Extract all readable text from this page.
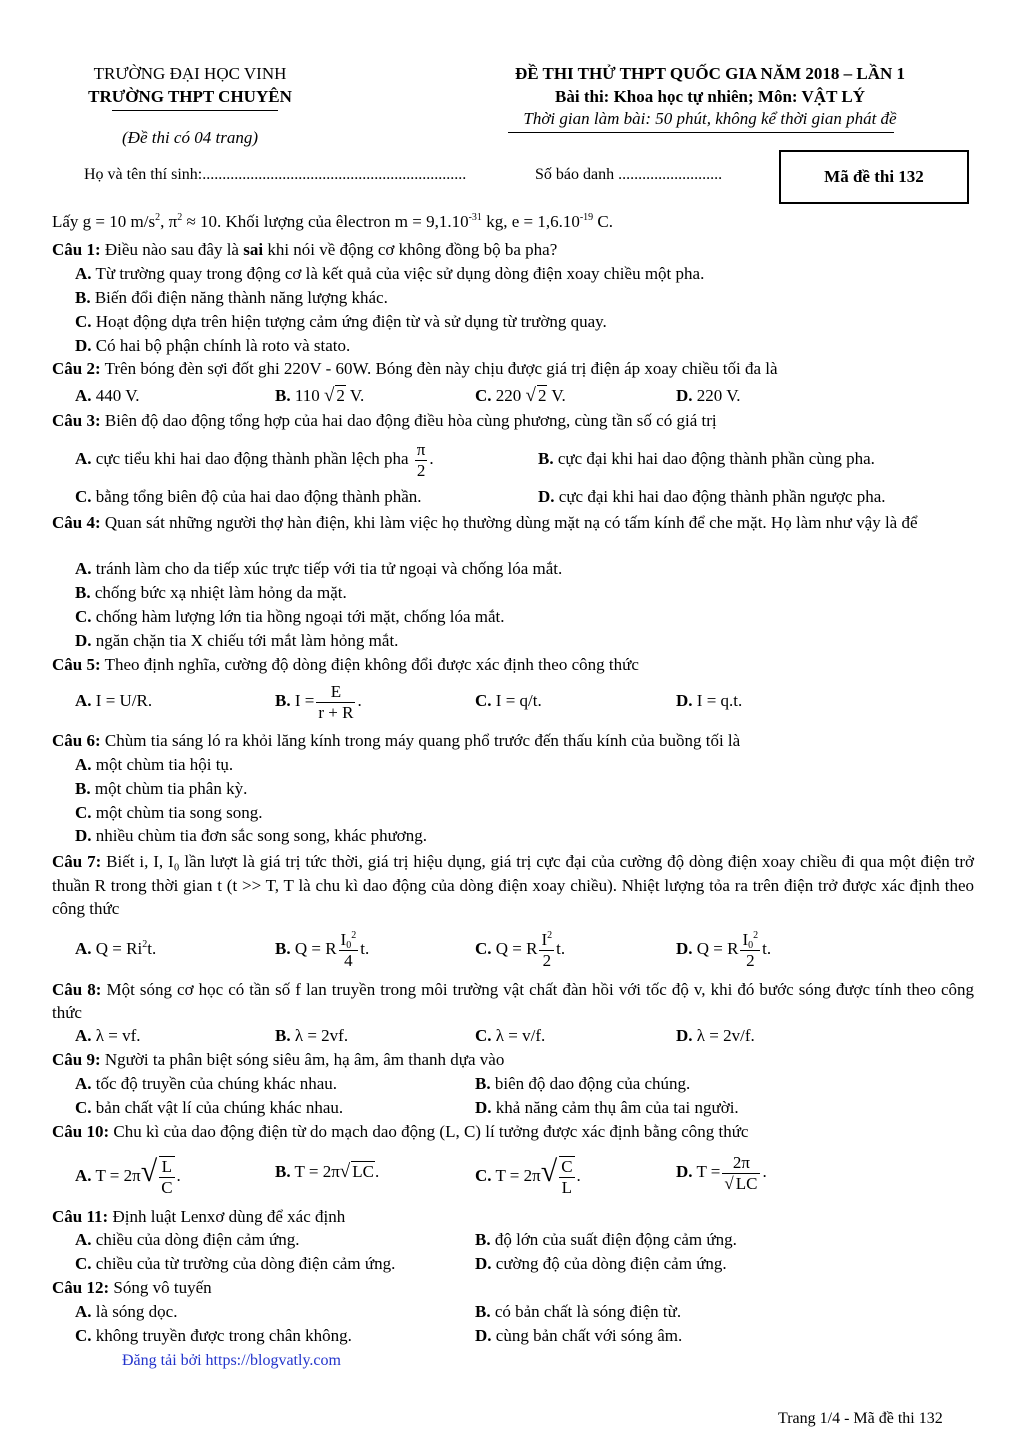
TRƯỜNG ĐẠI HỌC VINH
TRƯỜNG THPT CHUYÊN
(Đề thi có 04 trang)
ĐỀ THI THỬ THPT QUỐC GIA NĂM 2018 – LẦN 1
Bài thi: Khoa học tự nhiên; Môn: VẬT LÝ
Thời gian làm bài: 50 phút, không kể thời gian phát đề
Họ và tên thí sinh:..................................................................	Số báo danh ..........................	Mã đề thi 132
Lấy g = 10 $m/s^2$, $\pi^2 \approx 10$. Khối lượng của êlectron $m = 9,1.10^{-31}$ kg, $e = 1,6.10^{-19}$ C.
Câu 1: Điều nào sau đây là sai khi nói về động cơ không đồng bộ ba pha?
A. Từ trường quay trong động cơ là kết quả của việc sử dụng dòng điện xoay chiều một pha.
B. Biến đổi điện năng thành năng lượng khác.
C. Hoạt động dựa trên hiện tượng cảm ứng điện từ và sử dụng từ trường quay.
D. Có hai bộ phận chính là roto và stato.
Câu 2: Trên bóng đèn sợi đốt ghi 220V - 60W. Bóng đèn này chịu được giá trị điện áp xoay chiều tối đa là
A. 440 V.	B. 110 √ 2 V.	C. 220 √ 2 V.	D. 220 V.
Câu 3: Biên độ dao động tổng hợp của hai dao động điều hòa cùng phương, cùng tần số có giá trị
A. cực tiểu khi hai dao động thành phần lệch pha $\frac{\pi}{2}$ .	B. cực đại khi hai dao động thành phần cùng pha.
C. bằng tổng biên độ của hai dao động thành phần.	D. cực đại khi hai dao động thành phần ngược pha.
Câu 4: Quan sát những người thợ hàn điện, khi làm việc họ thường dùng mặt nạ có tấm kính để che mặt. Họ làm như vậy là để
A. tránh làm cho da tiếp xúc trực tiếp với tia tử ngoại và chống lóa mắt.
B. chống bức xạ nhiệt làm hỏng da mặt.
C. chống hàm lượng lớn tia hồng ngoại tới mặt, chống lóa mắt.
D. ngăn chặn tia X chiếu tới mắt làm hỏng mắt.
Câu 5: Theo định nghĩa, cường độ dòng điện không đổi được xác định theo công thức
A. I = U/R.	B. $I = \frac{E}{r + R}$ .	C. I = q/t.	D. I = q.t.
Câu 6: Chùm tia sáng ló ra khỏi lăng kính trong máy quang phổ trước đến thấu kính của buồng tối là
A. một chùm tia hội tụ.
B. một chùm tia phân kỳ.
C. một chùm tia song song.
D. nhiều chùm tia đơn sắc song song, khác phương.
Câu 7: Biết i, I, I₀ lần lượt là giá trị tức thời, giá trị hiệu dụng, giá trị cực đại của cường độ dòng điện xoay chiều đi qua một điện trở thuần R trong thời gian t (t >> T, T là chu kì dao động của dòng điện xoay chiều). Nhiệt lượng tỏa ra trên điện trở được xác định theo công thức
A. $Q = Ri^2t$.	B. Q = R $\frac{I_0^2}{4} t$.	C. Q = R $\frac{I^2}{2} t$.	D. Q = R $\frac{I_0^2}{2} t$.
Câu 8: Một sóng cơ học có tần số f lan truyền trong môi trường vật chất đàn hồi với tốc độ v, khi đó bước sóng được tính theo công thức
A. λ = vf.	B. λ = 2vf.	C. λ = v/f.	D. λ = 2v/f.
Câu 9: Người ta phân biệt sóng siêu âm, hạ âm, âm thanh dựa vào
A. tốc độ truyền của chúng khác nhau.	B. biên độ dao động của chúng.
C. bản chất vật lí của chúng khác nhau.	D. khả năng cảm thụ âm của tai người.
Câu 10: Chu kì của dao động điện từ do mạch dao động (L, C) lí tưởng được xác định bằng công thức
A. $T = 2\pi√ \frac{L}{C}$ .	B. T = 2π√ LC.	C. $T = 2\pi√ \frac{C}{L}$ .	D. $T = \frac{2\pi}{√ LC}$ .
Câu 11: Định luật Lenxơ dùng để xác định
A. chiều của dòng điện cảm ứng.	B. độ lớn của suất điện động cảm ứng.
C. chiều của từ trường của dòng điện cảm ứng.	D. cường độ của dòng điện cảm ứng.
Câu 12: Sóng vô tuyến
A. là sóng dọc.	B. có bản chất là sóng điện từ.
C. không truyền được trong chân không.	D. cùng bản chất với sóng âm.
Đăng tải bởi https://blogvatly.com
Trang 1/4 - Mã đề thi 132
